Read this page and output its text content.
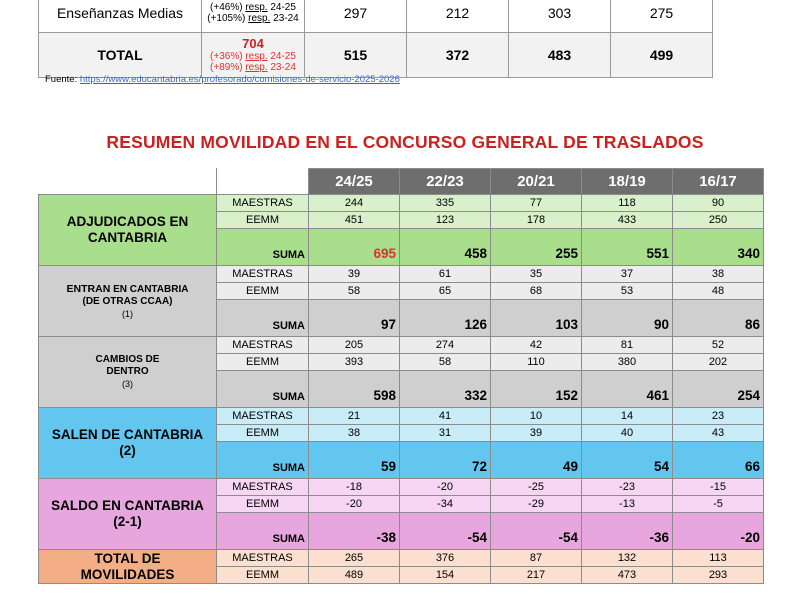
Enseñanzas Medias	(+46%) resp. 24-25
(+105%) resp. 23-24	297	212	303	275
TOTAL	704
(+36%) resp. 24-25
(+89%) resp. 23-24	515	372	483	499
Fuente: https://www.educantabria.es/profesorado/comisiones-de-servicio-2025-2026
RESUMEN MOVILIDAD EN EL CONCURSO GENERAL DE TRASLADOS
		24/25	22/23	20/21	18/19	16/17
ADJUDICADOS EN
CANTABRIA	MAESTRAS	244	335	77	118	90
	EEMM	451	123	178	433	250
	SUMA	695	458	255	551	340
ENTRAN EN CANTABRIA
(DE OTRAS CCAA)

(1)	MAESTRAS	39	61	35	37	38
	EEMM	58	65	68	53	48
	SUMA	97	126	103	90	86
CAMBIOS DE
DENTRO

(3)	MAESTRAS	205	274	42	81	52
	EEMM	393	58	110	380	202
	SUMA	598	332	152	461	254
SALEN DE CANTABRIA
(2)	MAESTRAS	21	41	10	14	23
	EEMM	38	31	39	40	43
	SUMA	59	72	49	54	66
SALDO EN CANTABRIA
(2-1)	MAESTRAS	-18	-20	-25	-23	-15
	EEMM	-20	-34	-29	-13	-5
	SUMA	-38	-54	-54	-36	-20
TOTAL DE
MOVILIDADES	MAESTRAS	265	376	87	132	113
	EEMM	489	154	217	473	293
